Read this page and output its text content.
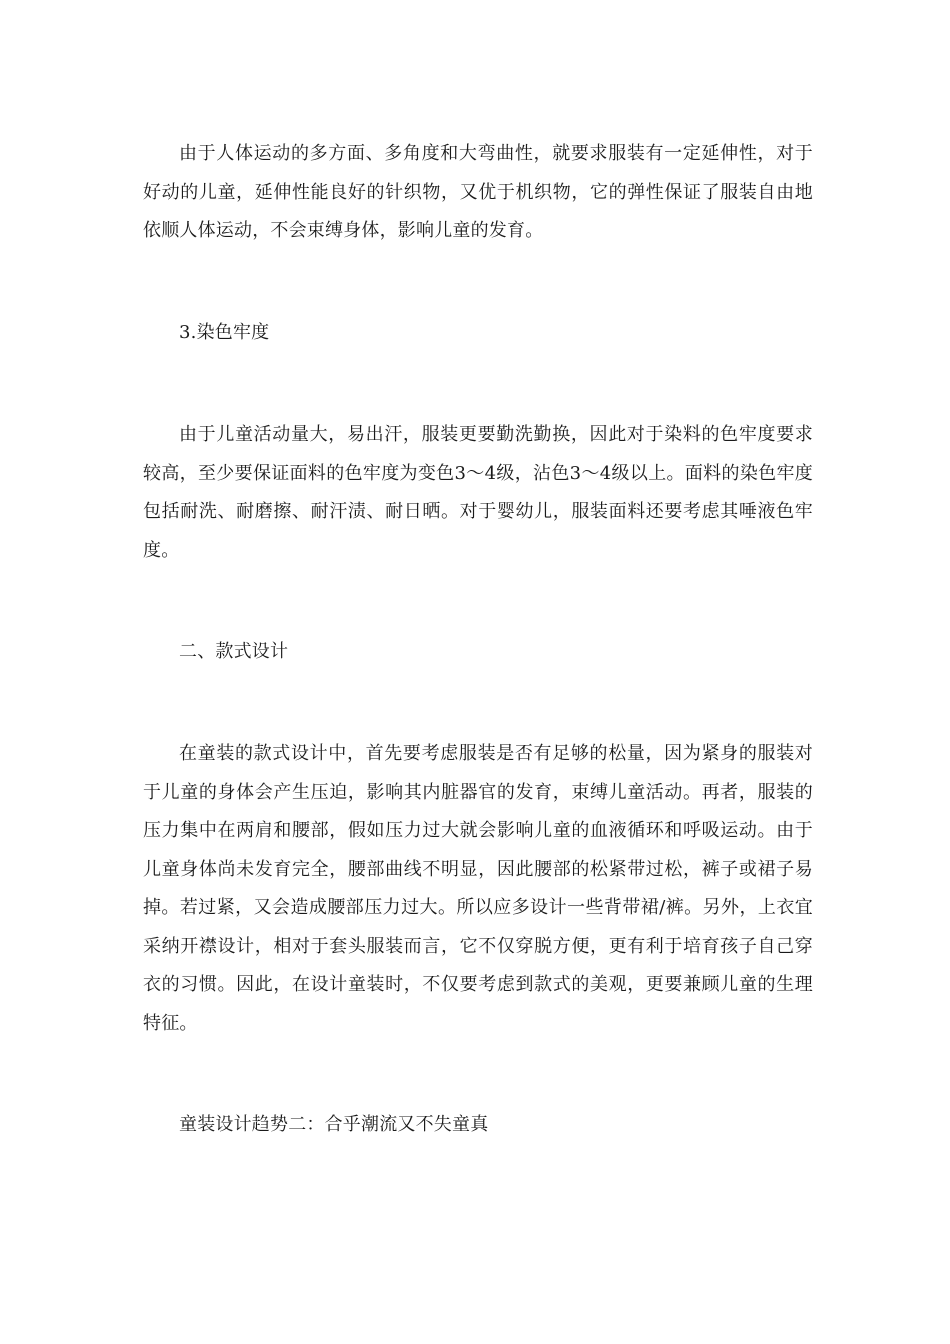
由于人体运动的多方面、多角度和大弯曲性，就要求服装有一定延伸性，对于好动的儿童，延伸性能良好的针织物，又优于机织物，它的弹性保证了服装自由地依顺人体运动，不会束缚身体，影响儿童的发育。

3.染色牢度

由于儿童活动量大，易出汗，服装更要勤洗勤换，因此对于染料的色牢度要求较高，至少要保证面料的色牢度为变色3～4级，沾色3～4级以上。面料的染色牢度包括耐洗、耐磨擦、耐汗渍、耐日晒。对于婴幼儿，服装面料还要考虑其唾液色牢度。

二、款式设计

在童装的款式设计中，首先要考虑服装是否有足够的松量，因为紧身的服装对于儿童的身体会产生压迫，影响其内脏器官的发育，束缚儿童活动。再者，服装的压力集中在两肩和腰部，假如压力过大就会影响儿童的血液循环和呼吸运动。由于儿童身体尚未发育完全，腰部曲线不明显，因此腰部的松紧带过松，裤子或裙子易掉。若过紧，又会造成腰部压力过大。所以应多设计一些背带裙/裤。另外，上衣宜采纳开襟设计，相对于套头服装而言，它不仅穿脱方便，更有利于培育孩子自己穿衣的习惯。因此，在设计童装时，不仅要考虑到款式的美观，更要兼顾儿童的生理特征。

童装设计趋势二：合乎潮流又不失童真
